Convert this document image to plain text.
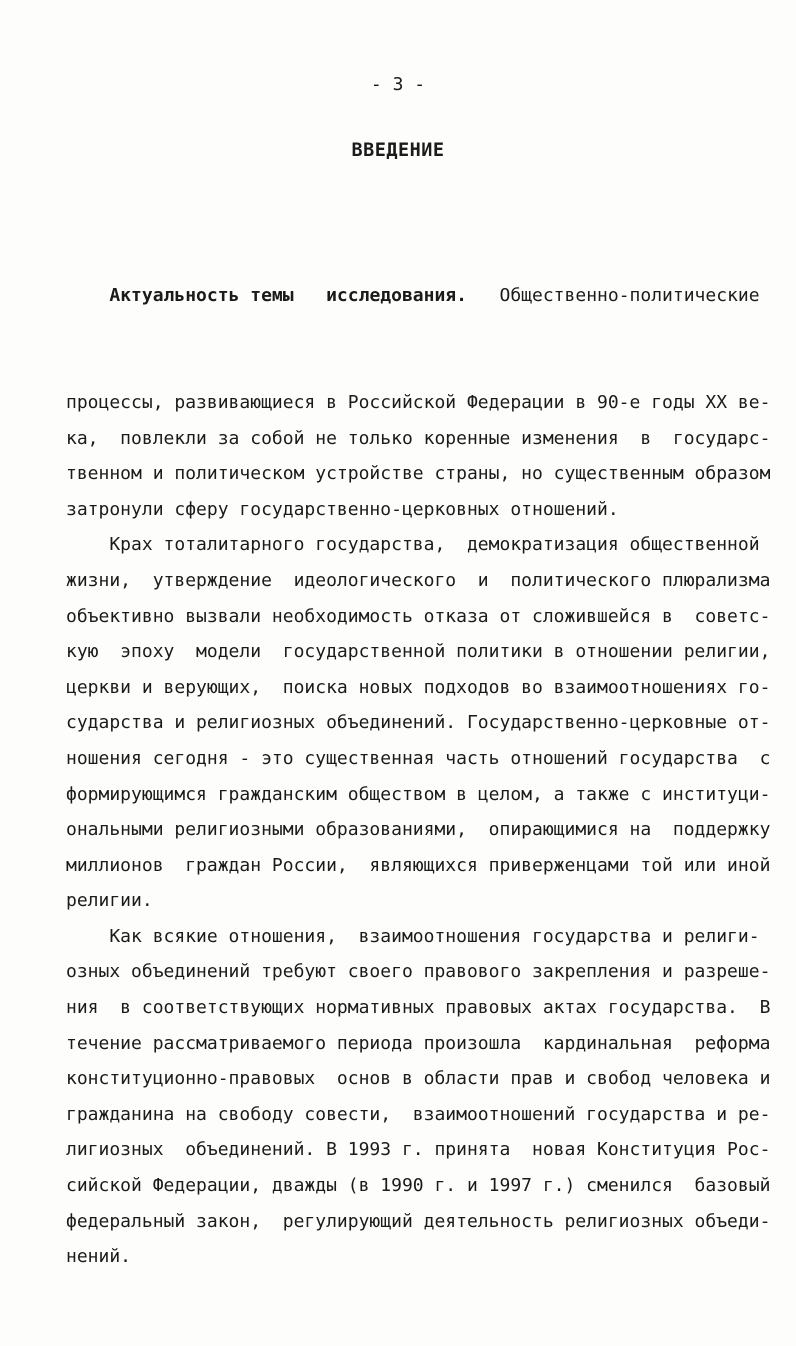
- 3 -
ВВЕДЕНИЕ

Актуальность темы   исследования.   Общественно-политические

процессы, развивающиеся в Российской Федерации в 90-е годы XX ве-
ка,  повлекли за собой не только коренные изменения  в  государс-
твенном и политическом устройстве страны, но существенным образом
затронули сферу государственно-церковных отношений.
Крах тоталитарного государства,  демократизация общественной
жизни,  утверждение  идеологического  и  политического плюрализма
объективно вызвали необходимость отказа от сложившейся в  советс-
кую  эпоху  модели  государственной политики в отношении религии,
церкви и верующих,  поиска новых подходов во взаимоотношениях го-
сударства и религиозных объединений. Государственно-церковные от-
ношения сегодня - это существенная часть отношений государства  с
формирующимся гражданским обществом в целом, а также с институци-
ональными религиозными образованиями,  опирающимися на  поддержку
миллионов  граждан России,  являющихся приверженцами той или иной
религии.
Как всякие отношения,  взаимоотношения государства и религи-
озных объединений требуют своего правового закрепления и разреше-
ния  в соответствующих нормативных правовых актах государства.  В
течение рассматриваемого периода произошла  кардинальная  реформа
конституционно-правовых  основ в области прав и свобод человека и
гражданина на свободу совести,  взаимоотношений государства и ре-
лигиозных  объединений. В 1993 г. принята  новая Конституция Рос-
сийской Федерации, дважды (в 1990 г. и 1997 г.) сменился  базовый
федеральный закон,  регулирующий деятельность религиозных объеди-
нений.
